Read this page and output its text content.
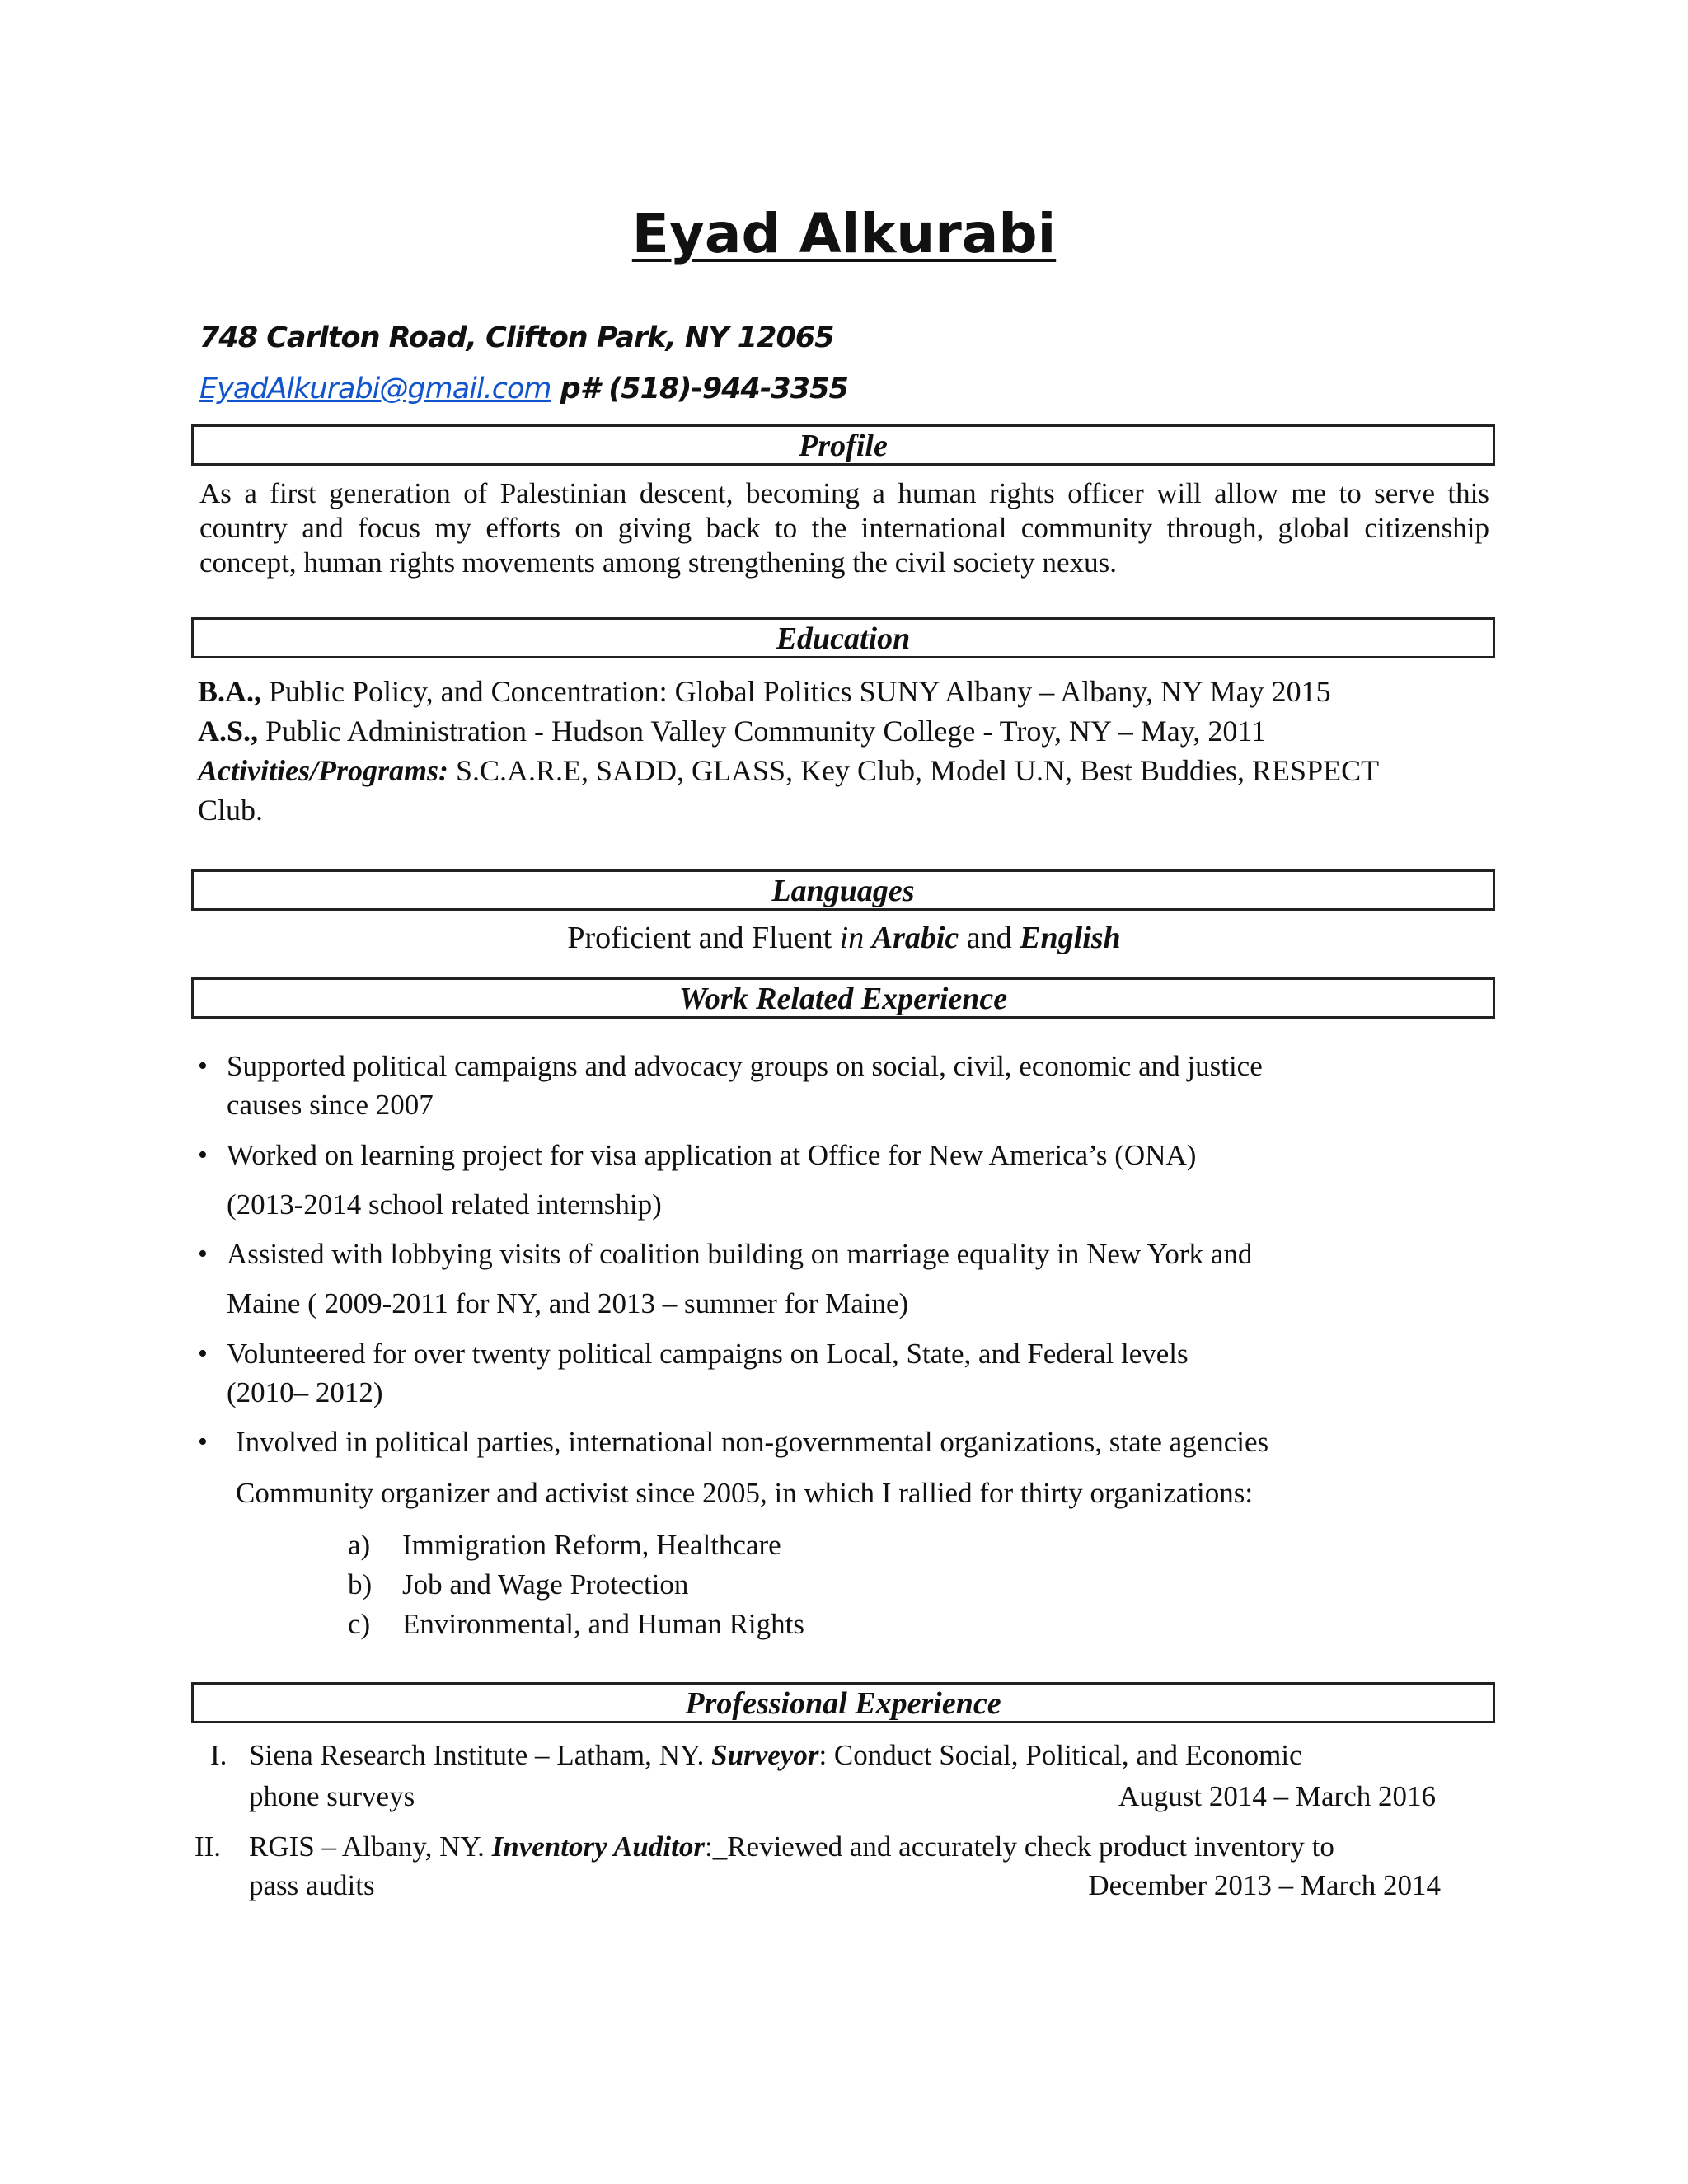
Eyad Alkurabi
748 Carlton Road, Clifton Park, NY 12065
EyadAlkurabi@gmail.com p# (518)-944-3355
Profile
As a first generation of Palestinian descent, becoming a human rights officer will allow me to serve this country and focus my efforts on giving back to the international community through, global citizenship concept, human rights movements among strengthening the civil society nexus.
Education
B.A., Public Policy, and Concentration: Global Politics SUNY Albany – Albany, NY May 2015
A.S., Public Administration - Hudson Valley Community College - Troy, NY – May, 2011
Activities/Programs: S.C.A.R.E, SADD, GLASS, Key Club, Model U.N, Best Buddies, RESPECT
Club.
Languages
Proficient and Fluent in Arabic and English
Work Related Experience
• Supported political campaigns and advocacy groups on social, civil, economic and justice
causes since 2007
• Worked on learning project for visa application at Office for New America’s (ONA)
(2013-2014 school related internship)
• Assisted with lobbying visits of coalition building on marriage equality in New York and
Maine ( 2009-2011 for NY, and 2013 – summer for Maine)
• Volunteered for over twenty political campaigns on Local, State, and Federal levels
(2010– 2012)
• Involved in political parties, international non-governmental organizations, state agencies
Community organizer and activist since 2005, in which I rallied for thirty organizations:
a) Immigration Reform, Healthcare
b) Job and Wage Protection
c) Environmental, and Human Rights
Professional Experience
I. Siena Research Institute – Latham, NY. Surveyor: Conduct Social, Political, and Economic
phone surveys	August 2014 – March 2016
II. RGIS – Albany, NY. Inventory Auditor:_Reviewed and accurately check product inventory to
pass audits	December 2013 – March 2014
